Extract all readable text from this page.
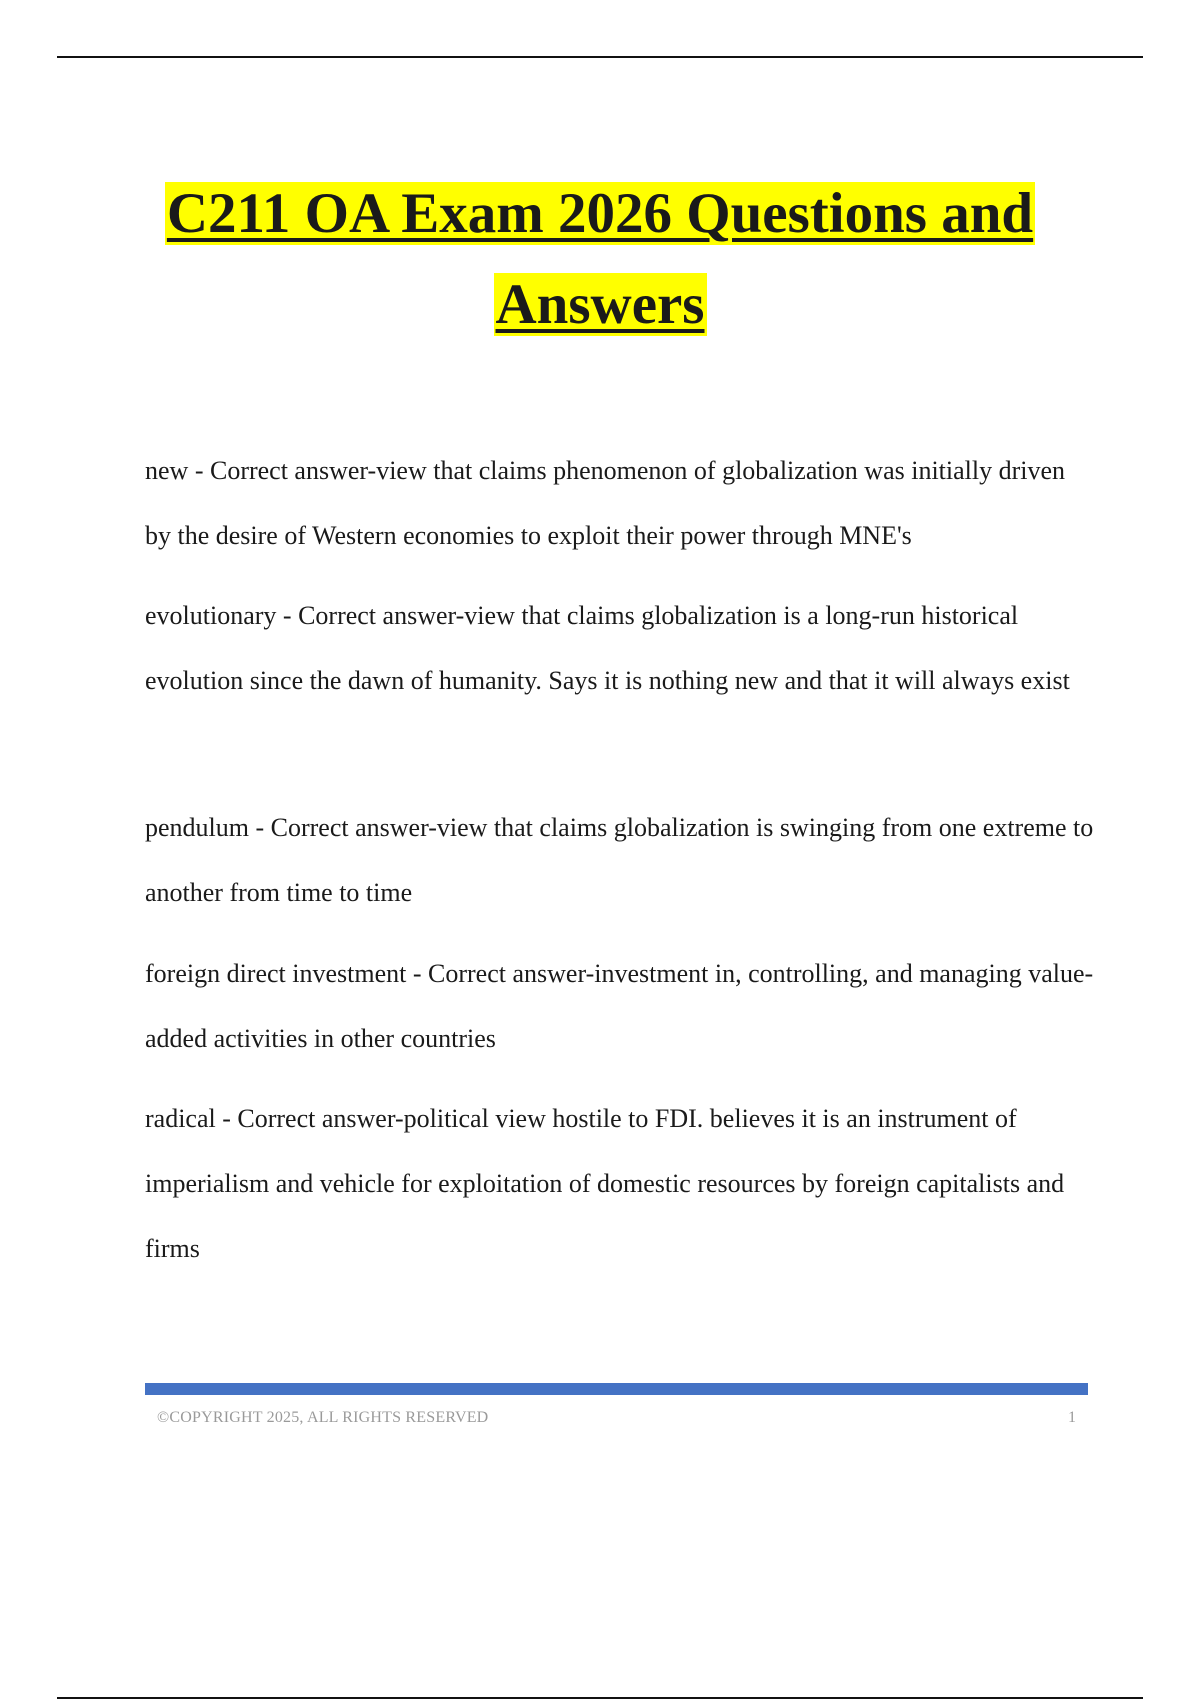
C211 OA Exam 2026 Questions and
Answers
new - Correct answer-view that claims phenomenon of globalization was initially driven by the desire of Western economies to exploit their power through MNE's
evolutionary - Correct answer-view that claims globalization is a long-run historical evolution since the dawn of humanity. Says it is nothing new and that it will always exist
pendulum - Correct answer-view that claims globalization is swinging from one extreme to another from time to time
foreign direct investment - Correct answer-investment in, controlling, and managing value-added activities in other countries
radical - Correct answer-political view hostile to FDI. believes it is an instrument of imperialism and vehicle for exploitation of domestic resources by foreign capitalists and firms
©COPYRIGHT 2025, ALL RIGHTS RESERVED	1
